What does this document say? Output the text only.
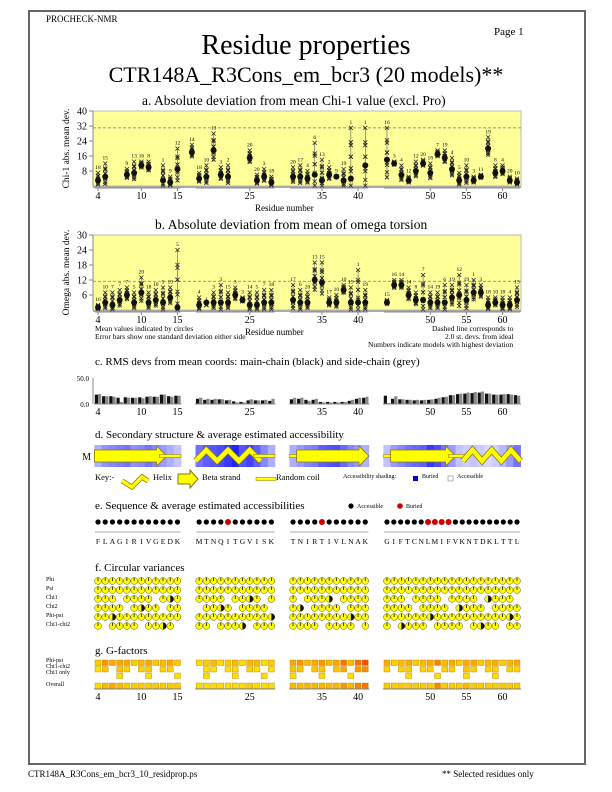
PROCHECK-NMR
Page 1
Residue properties
CTR148A_R3Cons_em_bcr3 (20 models)**
a. Absolute deviation from mean Chi-1 value (excl. Pro)
Residue number
b. Absolute deviation from mean of omega torsion
Residue number
Mean values indicated by circles
Error bars show one standard deviation either side
Dashed line corresponds to
2.0 st. devs. from ideal
Numbers indicate models with highest deviation
c. RMS devs from mean coords: main-chain (black) and side-chain (grey)
d. Secondary structure & average estimated accessibility
e. Sequence & average estimated accessibilities
f. Circular variances
g. G-factors
Key:-	Helix	Beta strand	Random coil	Accessibility shading:	Buried	Accessible
Accessible	Buried
Phi
Psi
Chi1
Chi2
Phi-psi
Chi1-chi2
Phi-psi
Chi1-chi2
Chi1 only
Overall
CTR148A_R3Cons_em_bcr3_10_residprop.ps	** Selected residues only
8
16
24
32
40
Chi-1 abs. mean dev.	18
15
9
13 16 8
1
9
12
14
18
10
13
3 2
20
20
3
18
20 17
4
6
13
2
9
19
1 1	16
3
4
12
12 20
18
7 19
4
5
10
3 11
19
8 4
20 10
4	10	15	25	35	40	50	55	60
6
12
18
24
30
Omega abs. mean dev.	16
10 7 7 7
5
20
18 10 5 19
5
4
1
3
3
15
3
3
14 5 7 18
17
6 20
13 15
17 10
10 19
1
19
15
16 14
14
8
7
14 19
6 19
12
19
1
3
18 10 18 4
15
4	10	15	25	35	40	50	55	60
50.0
0.0
4	10	15	25	35	40	50	55	60
M
F L A G I R I V G E D K M T N Q I T G V I S K T N I R T I V L N A K G I F T C N L M I F V K N T D K L T T L
4	10	15	25	35	40	50	55	60
